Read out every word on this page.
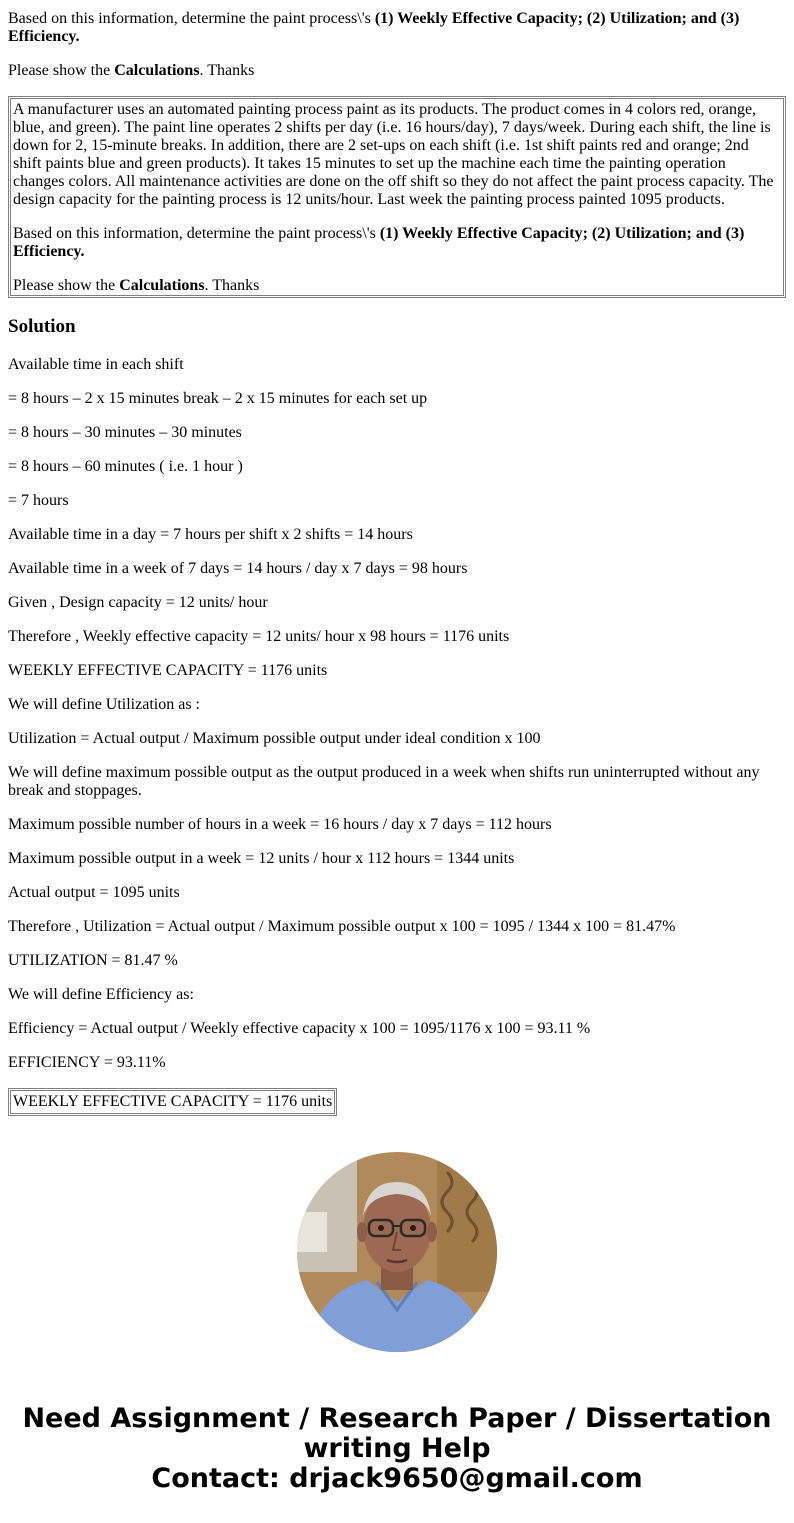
Based on this information, determine the paint process\'s (1) Weekly Effective Capacity; (2) Utilization; and (3) Efficiency.

Please show the Calculations. Thanks

A manufacturer uses an automated painting process paint as its products. The product comes in 4 colors red, orange, blue, and green). The paint line operates 2 shifts per day (i.e. 16 hours/day), 7 days/week. During each shift, the line is down for 2, 15-minute breaks. In addition, there are 2 set-ups on each shift (i.e. 1st shift paints red and orange; 2nd shift paints blue and green products). It takes 15 minutes to set up the machine each time the painting operation changes colors. All maintenance activities are done on the off shift so they do not affect the paint process capacity. The design capacity for the painting process is 12 units/hour. Last week the painting process painted 1095 products.

Based on this information, determine the paint process\'s (1) Weekly Effective Capacity; (2) Utilization; and (3) Efficiency.

Please show the Calculations. Thanks

Solution

Available time in each shift

= 8 hours – 2 x 15 minutes break – 2 x 15 minutes for each set up

= 8 hours – 30 minutes – 30 minutes

= 8 hours – 60 minutes ( i.e. 1 hour )

= 7 hours

Available time in a day = 7 hours per shift x 2 shifts = 14 hours

Available time in a week of 7 days = 14 hours / day x 7 days = 98 hours

Given , Design capacity = 12 units/ hour

Therefore , Weekly effective capacity = 12 units/ hour x 98 hours = 1176 units

WEEKLY EFFECTIVE CAPACITY = 1176 units

We will define Utilization as :

Utilization = Actual output / Maximum possible output under ideal condition x 100

We will define maximum possible output as the output produced in a week when shifts run uninterrupted without any break and stoppages.

Maximum possible number of hours in a week = 16 hours / day x 7 days = 112 hours

Maximum possible output in a week = 12 units / hour x 112 hours = 1344 units

Actual output = 1095 units

Therefore , Utilization = Actual output / Maximum possible output x 100 = 1095 / 1344 x 100 = 81.47%

UTILIZATION = 81.47 %

We will define Efficiency as:

Efficiency = Actual output / Weekly effective capacity x 100 = 1095/1176 x 100 = 93.11 %

EFFICIENCY = 93.11%

WEEKLY EFFECTIVE CAPACITY = 1176 units
Need Assignment / Research Paper / Dissertation writing Help
Contact: drjack9650@gmail.com
